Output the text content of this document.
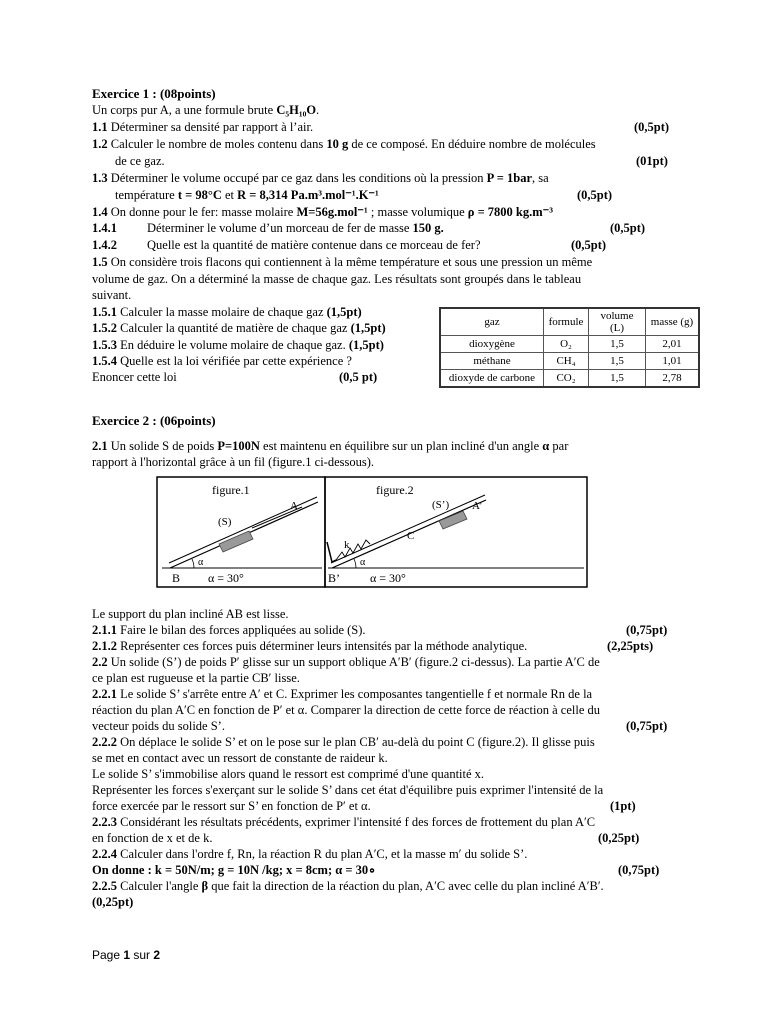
Exercice 1 : (08points)
Un corps pur A, a une formule brute C₅H₁₀O.
1.1 Déterminer sa densité par rapport à l’air.	(0,5pt)
1.2 Calculer le nombre de moles contenu dans 10 g de ce composé. En déduire nombre de molécules
de ce gaz.	(01pt)
1.3 Déterminer le volume occupé par ce gaz dans les conditions où la pression P = 1bar, sa
température t = 98°C et R = 8,314 Pa.m³.mol⁻¹.K⁻¹	(0,5pt)
1.4 On donne pour le fer: masse molaire M=56g.mol⁻¹ ; masse volumique ρ = 7800 kg.m⁻³
1.4.1 Déterminer le volume d’un morceau de fer de masse 150 g.	(0,5pt)
1.4.2 Quelle est la quantité de matière contenue dans ce morceau de fer?	(0,5pt)
1.5 On considère trois flacons qui contiennent à la même température et sous une pression un même
volume de gaz. On a déterminé la masse de chaque gaz. Les résultats sont groupés dans le tableau
suivant.
1.5.1 Calculer la masse molaire de chaque gaz (1,5pt)
1.5.2 Calculer la quantité de matière de chaque gaz (1,5pt)
1.5.3 En déduire le volume molaire de chaque gaz. (1,5pt)
1.5.4 Quelle est la loi vérifiée par cette expérience ?
Enoncer cette loi	(0,5 pt)
gaz	formule	volume (L)	masse (g)
dioxygène	O₂	1,5	2,01
méthane	CH₄	1,5	1,01
dioxyde de carbone	CO₂	1,5	2,78
Exercice 2 : (06points)
2.1 Un solide S de poids P=100N est maintenu en équilibre sur un plan incliné d'un angle α par
rapport à l'horizontal grâce à un fil (figure.1 ci-dessous).
figure.1
(S)
A
α
B α = 30°
figure.2
k
(S’) A’
C
α
B’	α = 30°
Le support du plan incliné AB est lisse.
2.1.1 Faire le bilan des forces appliquées au solide (S).	(0,75pt)
2.1.2 Représenter ces forces puis déterminer leurs intensités par la méthode analytique.	(2,25pts)
2.2 Un solide (S’) de poids P′ glisse sur un support oblique A′B′ (figure.2 ci-dessus). La partie A′C de
ce plan est rugueuse et la partie CB′ lisse.
2.2.1 Le solide S’ s'arrête entre A′ et C. Exprimer les composantes tangentielle f et normale Rn de la
réaction du plan A′C en fonction de P′ et α. Comparer la direction de cette force de réaction à celle du
vecteur poids du solide S’.	(0,75pt)
2.2.2 On déplace le solide S’ et on le pose sur le plan CB′ au-delà du point C (figure.2). Il glisse puis
se met en contact avec un ressort de constante de raideur k.
Le solide S’ s'immobilise alors quand le ressort est comprimé d'une quantité x.
Représenter les forces s'exerçant sur le solide S’ dans cet état d'équilibre puis exprimer l'intensité de la
force exercée par le ressort sur S’ en fonction de P′ et α.	(1pt)
2.2.3 Considérant les résultats précédents, exprimer l'intensité f des forces de frottement du plan A′C
en fonction de x et de k.	(0,25pt)
2.2.4 Calculer dans l'ordre f, Rn, la réaction R du plan A′C, et la masse m′ du solide S’.
On donne : k = 50N/m; g = 10N /kg; x = 8cm; α = 30∘	(0,75pt)
2.2.5 Calculer l'angle β que fait la direction de la réaction du plan, A′C avec celle du plan incliné A′B′.
(0,25pt)
Page 1 sur 2
